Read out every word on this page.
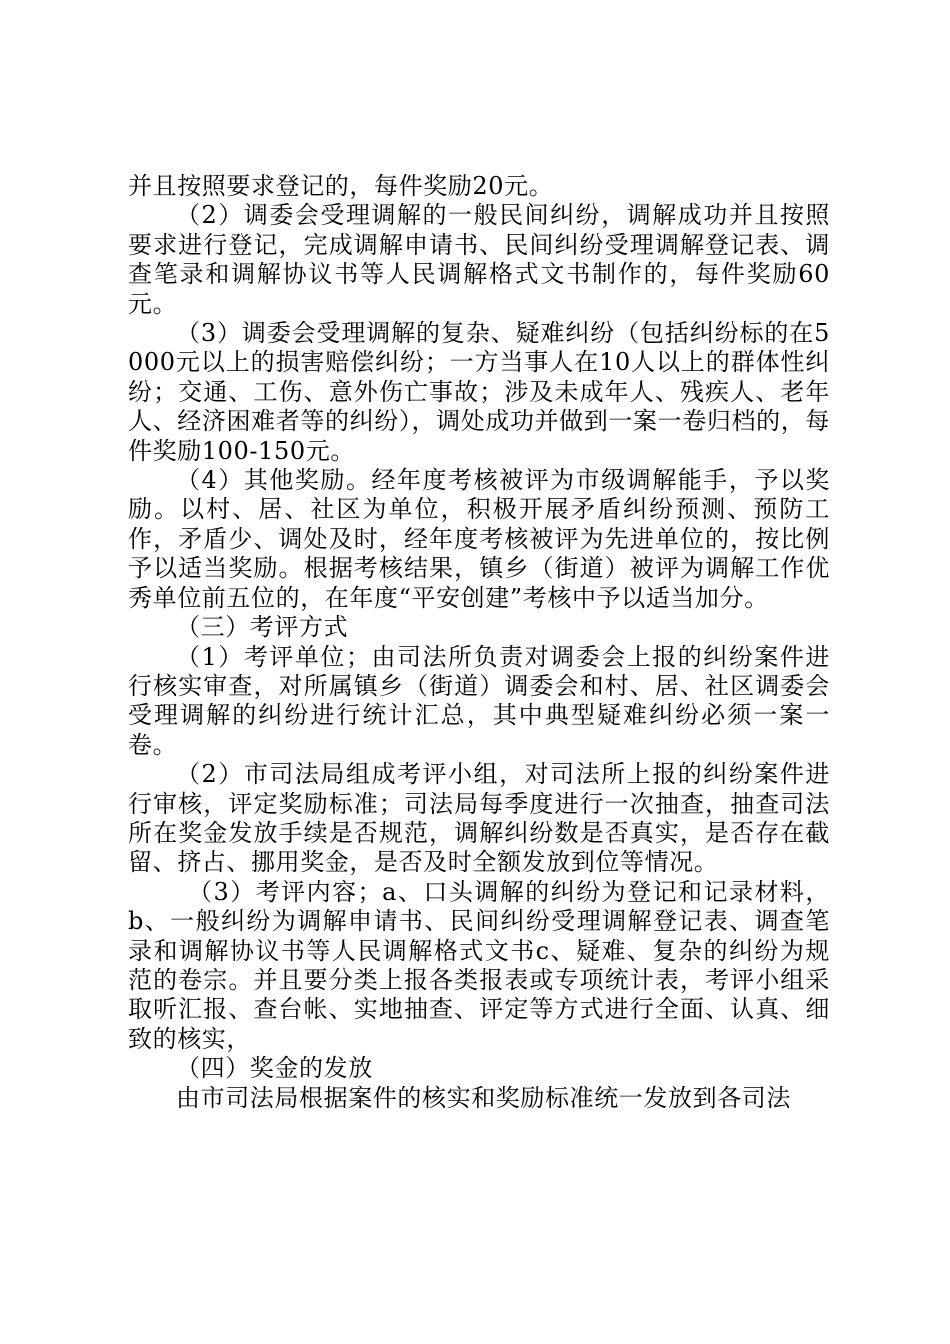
并且按照要求登记的，每件奖励20元。

（2）调委会受理调解的一般民间纠纷，调解成功并且按照要求进行登记，完成调解申请书、民间纠纷受理调解登记表、调查笔录和调解协议书等人民调解格式文书制作的，每件奖励60元。

（3）调委会受理调解的复杂、疑难纠纷（包括纠纷标的在5000元以上的损害赔偿纠纷；一方当事人在10人以上的群体性纠纷；交通、工伤、意外伤亡事故；涉及未成年人、残疾人、老年人、经济困难者等的纠纷），调处成功并做到一案一卷归档的，每件奖励100-150元。

（4）其他奖励。经年度考核被评为市级调解能手，予以奖励。以村、居、社区为单位，积极开展矛盾纠纷预测、预防工作，矛盾少、调处及时，经年度考核被评为先进单位的，按比例予以适当奖励。根据考核结果，镇乡（街道）被评为调解工作优秀单位前五位的，在年度“平安创建”考核中予以适当加分。

（三）考评方式

（1）考评单位；由司法所负责对调委会上报的纠纷案件进行核实审查，对所属镇乡（街道）调委会和村、居、社区调委会受理调解的纠纷进行统计汇总，其中典型疑难纠纷必须一案一卷。

（2）市司法局组成考评小组，对司法所上报的纠纷案件进行审核，评定奖励标准；司法局每季度进行一次抽查，抽查司法所在奖金发放手续是否规范，调解纠纷数是否真实，是否存在截留、挤占、挪用奖金，是否及时全额发放到位等情况。

（3）考评内容；a、口头调解的纠纷为登记和记录材料，b、一般纠纷为调解申请书、民间纠纷受理调解登记表、调查笔录和调解协议书等人民调解格式文书c、疑难、复杂的纠纷为规范的卷宗。并且要分类上报各类报表或专项统计表，考评小组采取听汇报、查台帐、实地抽查、评定等方式进行全面、认真、细致的核实，

（四）奖金的发放

由市司法局根据案件的核实和奖励标准统一发放到各司法
